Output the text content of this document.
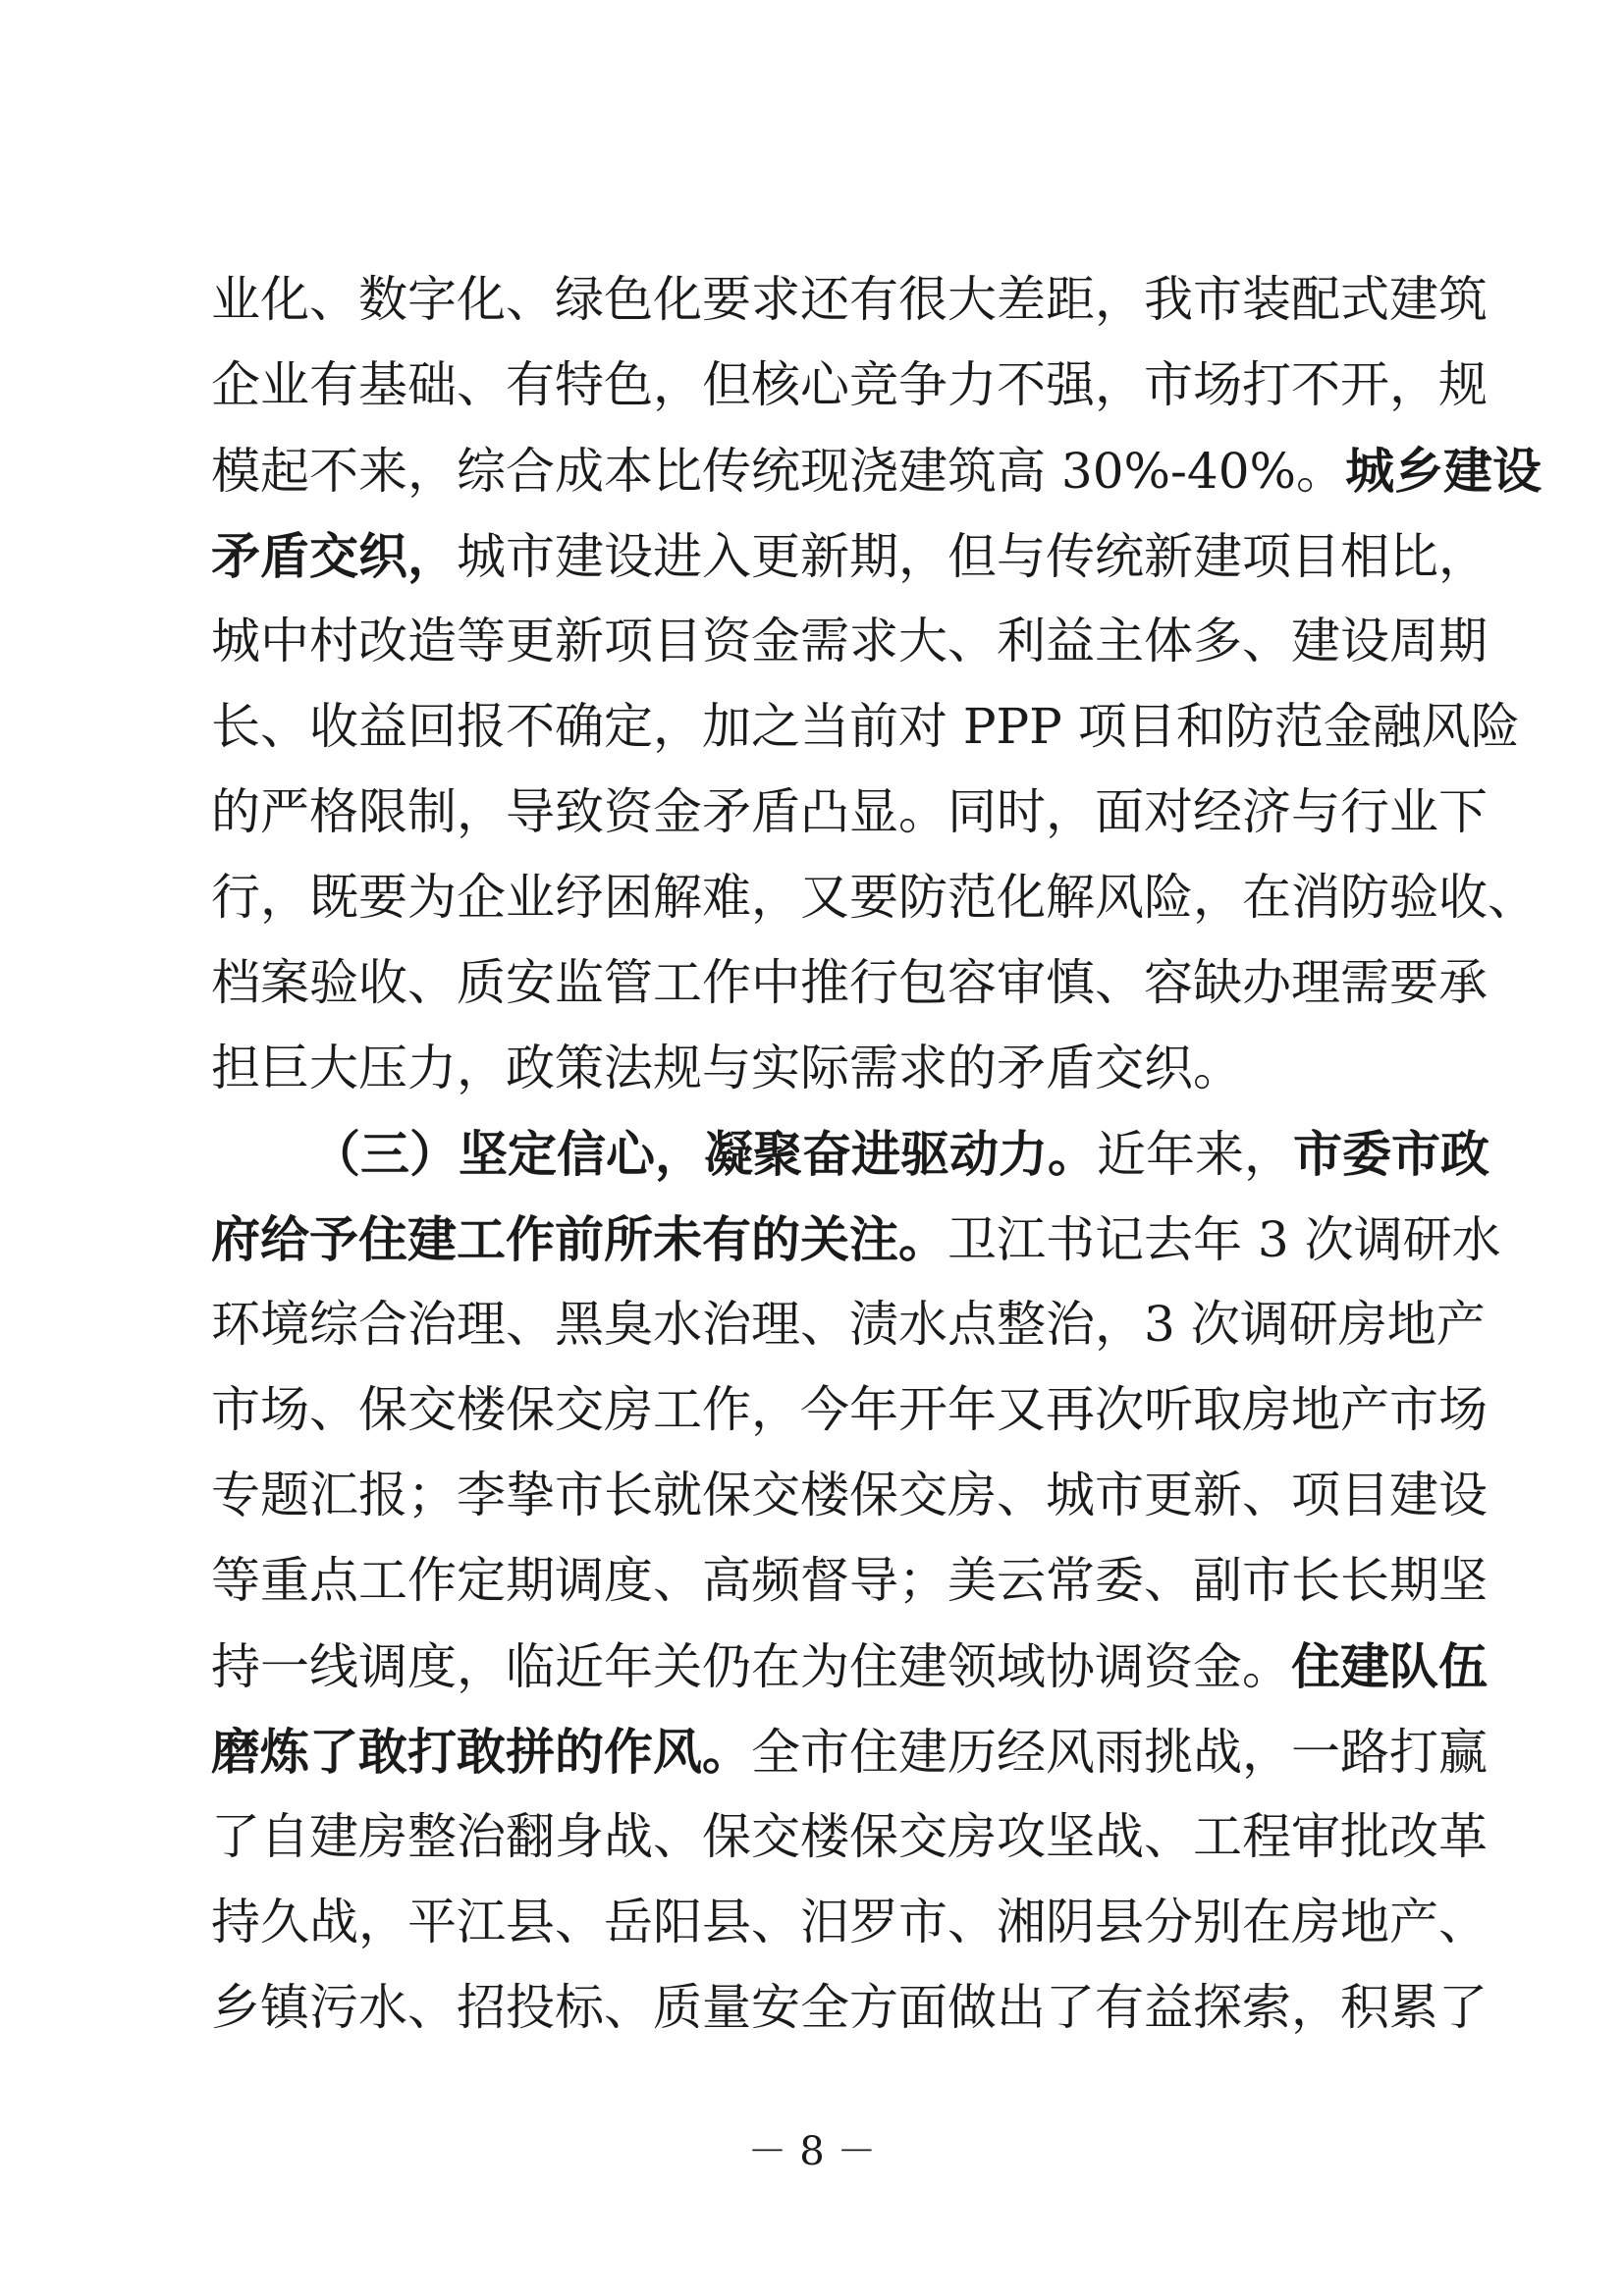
业化、数字化、绿色化要求还有很大差距，我市装配式建筑
企业有基础、有特色，但核心竞争力不强，市场打不开，规
模起不来，综合成本比传统现浇建筑高 30%-40%。城乡建设
矛盾交织，城市建设进入更新期，但与传统新建项目相比，
城中村改造等更新项目资金需求大、利益主体多、建设周期
长、收益回报不确定，加之当前对 PPP 项目和防范金融风险
的严格限制，导致资金矛盾凸显。同时，面对经济与行业下
行，既要为企业纾困解难，又要防范化解风险，在消防验收、
档案验收、质安监管工作中推行包容审慎、容缺办理需要承
担巨大压力，政策法规与实际需求的矛盾交织。
（三）坚定信心，凝聚奋进驱动力。近年来，市委市政
府给予住建工作前所未有的关注。卫江书记去年 3 次调研水
环境综合治理、黑臭水治理、渍水点整治，3 次调研房地产
市场、保交楼保交房工作，今年开年又再次听取房地产市场
专题汇报；李挚市长就保交楼保交房、城市更新、项目建设
等重点工作定期调度、高频督导；美云常委、副市长长期坚
持一线调度，临近年关仍在为住建领域协调资金。住建队伍
磨炼了敢打敢拼的作风。全市住建历经风雨挑战，一路打赢
了自建房整治翻身战、保交楼保交房攻坚战、工程审批改革
持久战，平江县、岳阳县、汨罗市、湘阴县分别在房地产、
乡镇污水、招投标、质量安全方面做出了有益探索，积累了
－ 8 －
